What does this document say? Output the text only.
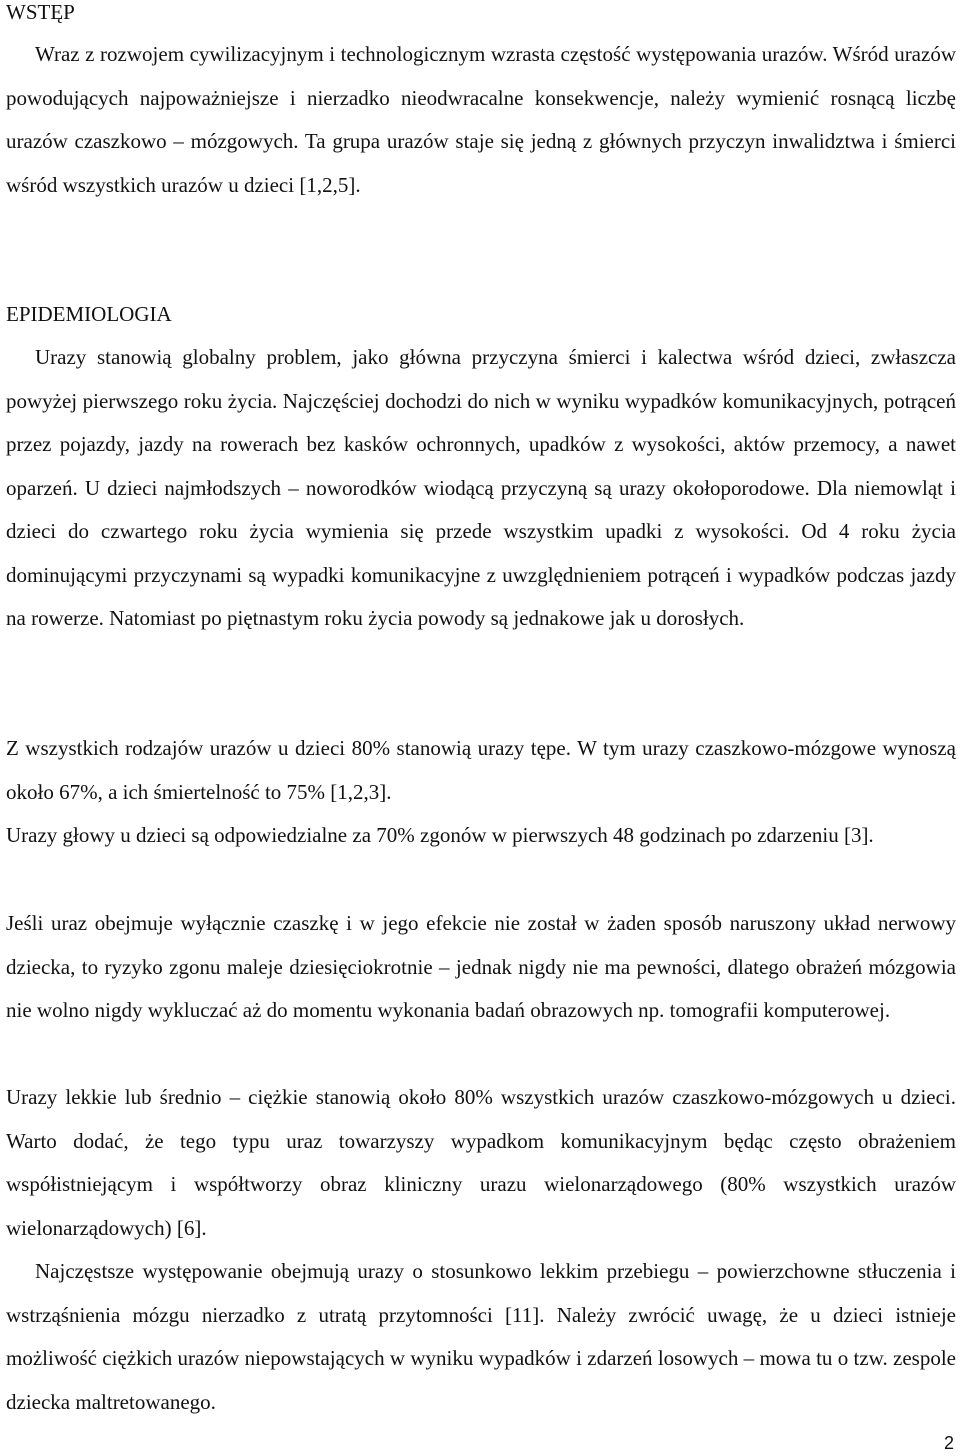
WSTĘP

Wraz z rozwojem cywilizacyjnym i technologicznym wzrasta częstość występowania urazów. Wśród urazów powodujących najpoważniejsze i nierzadko nieodwracalne konsekwencje, należy wymienić rosnącą liczbę urazów czaszkowo – mózgowych. Ta grupa urazów staje się jedną z głównych przyczyn inwalidztwa i śmierci wśród wszystkich urazów u dzieci [1,2,5].

EPIDEMIOLOGIA

Urazy stanowią globalny problem, jako główna przyczyna śmierci i kalectwa wśród dzieci, zwłaszcza powyżej pierwszego roku życia. Najczęściej dochodzi do nich w wyniku wypadków komunikacyjnych, potrąceń przez pojazdy, jazdy na rowerach bez kasków ochronnych, upadków z wysokości, aktów przemocy, a nawet oparzeń. U dzieci najmłodszych – noworodków wiodącą przyczyną są urazy okołoporodowe. Dla niemowląt i dzieci do czwartego roku życia wymienia się przede wszystkim upadki z wysokości. Od 4 roku życia dominującymi przyczynami są wypadki komunikacyjne z uwzględnieniem potrąceń i wypadków podczas jazdy na rowerze. Natomiast po piętnastym roku życia powody są jednakowe jak u dorosłych.

Z wszystkich rodzajów urazów u dzieci 80% stanowią urazy tępe. W tym urazy czaszkowo-mózgowe wynoszą około 67%, a ich śmiertelność to 75% [1,2,3].

Urazy głowy u dzieci są odpowiedzialne za 70% zgonów w pierwszych 48 godzinach po zdarzeniu [3].

Jeśli uraz obejmuje wyłącznie czaszkę i w jego efekcie nie został w żaden sposób naruszony układ nerwowy dziecka, to ryzyko zgonu maleje dziesięciokrotnie – jednak nigdy nie ma pewności, dlatego obrażeń mózgowia nie wolno nigdy wykluczać aż do momentu wykonania badań obrazowych np. tomografii komputerowej.

Urazy lekkie lub średnio – ciężkie stanowią około 80% wszystkich urazów czaszkowo-mózgowych u dzieci. Warto dodać, że tego typu uraz towarzyszy wypadkom komunikacyjnym będąc często obrażeniem współistniejącym i współtworzy obraz kliniczny urazu wielonarządowego (80% wszystkich urazów wielonarządowych) [6].

Najczęstsze występowanie obejmują urazy o stosunkowo lekkim przebiegu – powierzchowne stłuczenia i wstrząśnienia mózgu nierzadko z utratą przytomności [11]. Należy zwrócić uwagę, że u dzieci istnieje możliwość ciężkich urazów niepowstających w wyniku wypadków i zdarzeń losowych – mowa tu o tzw. zespole dziecka maltretowanego.

2
